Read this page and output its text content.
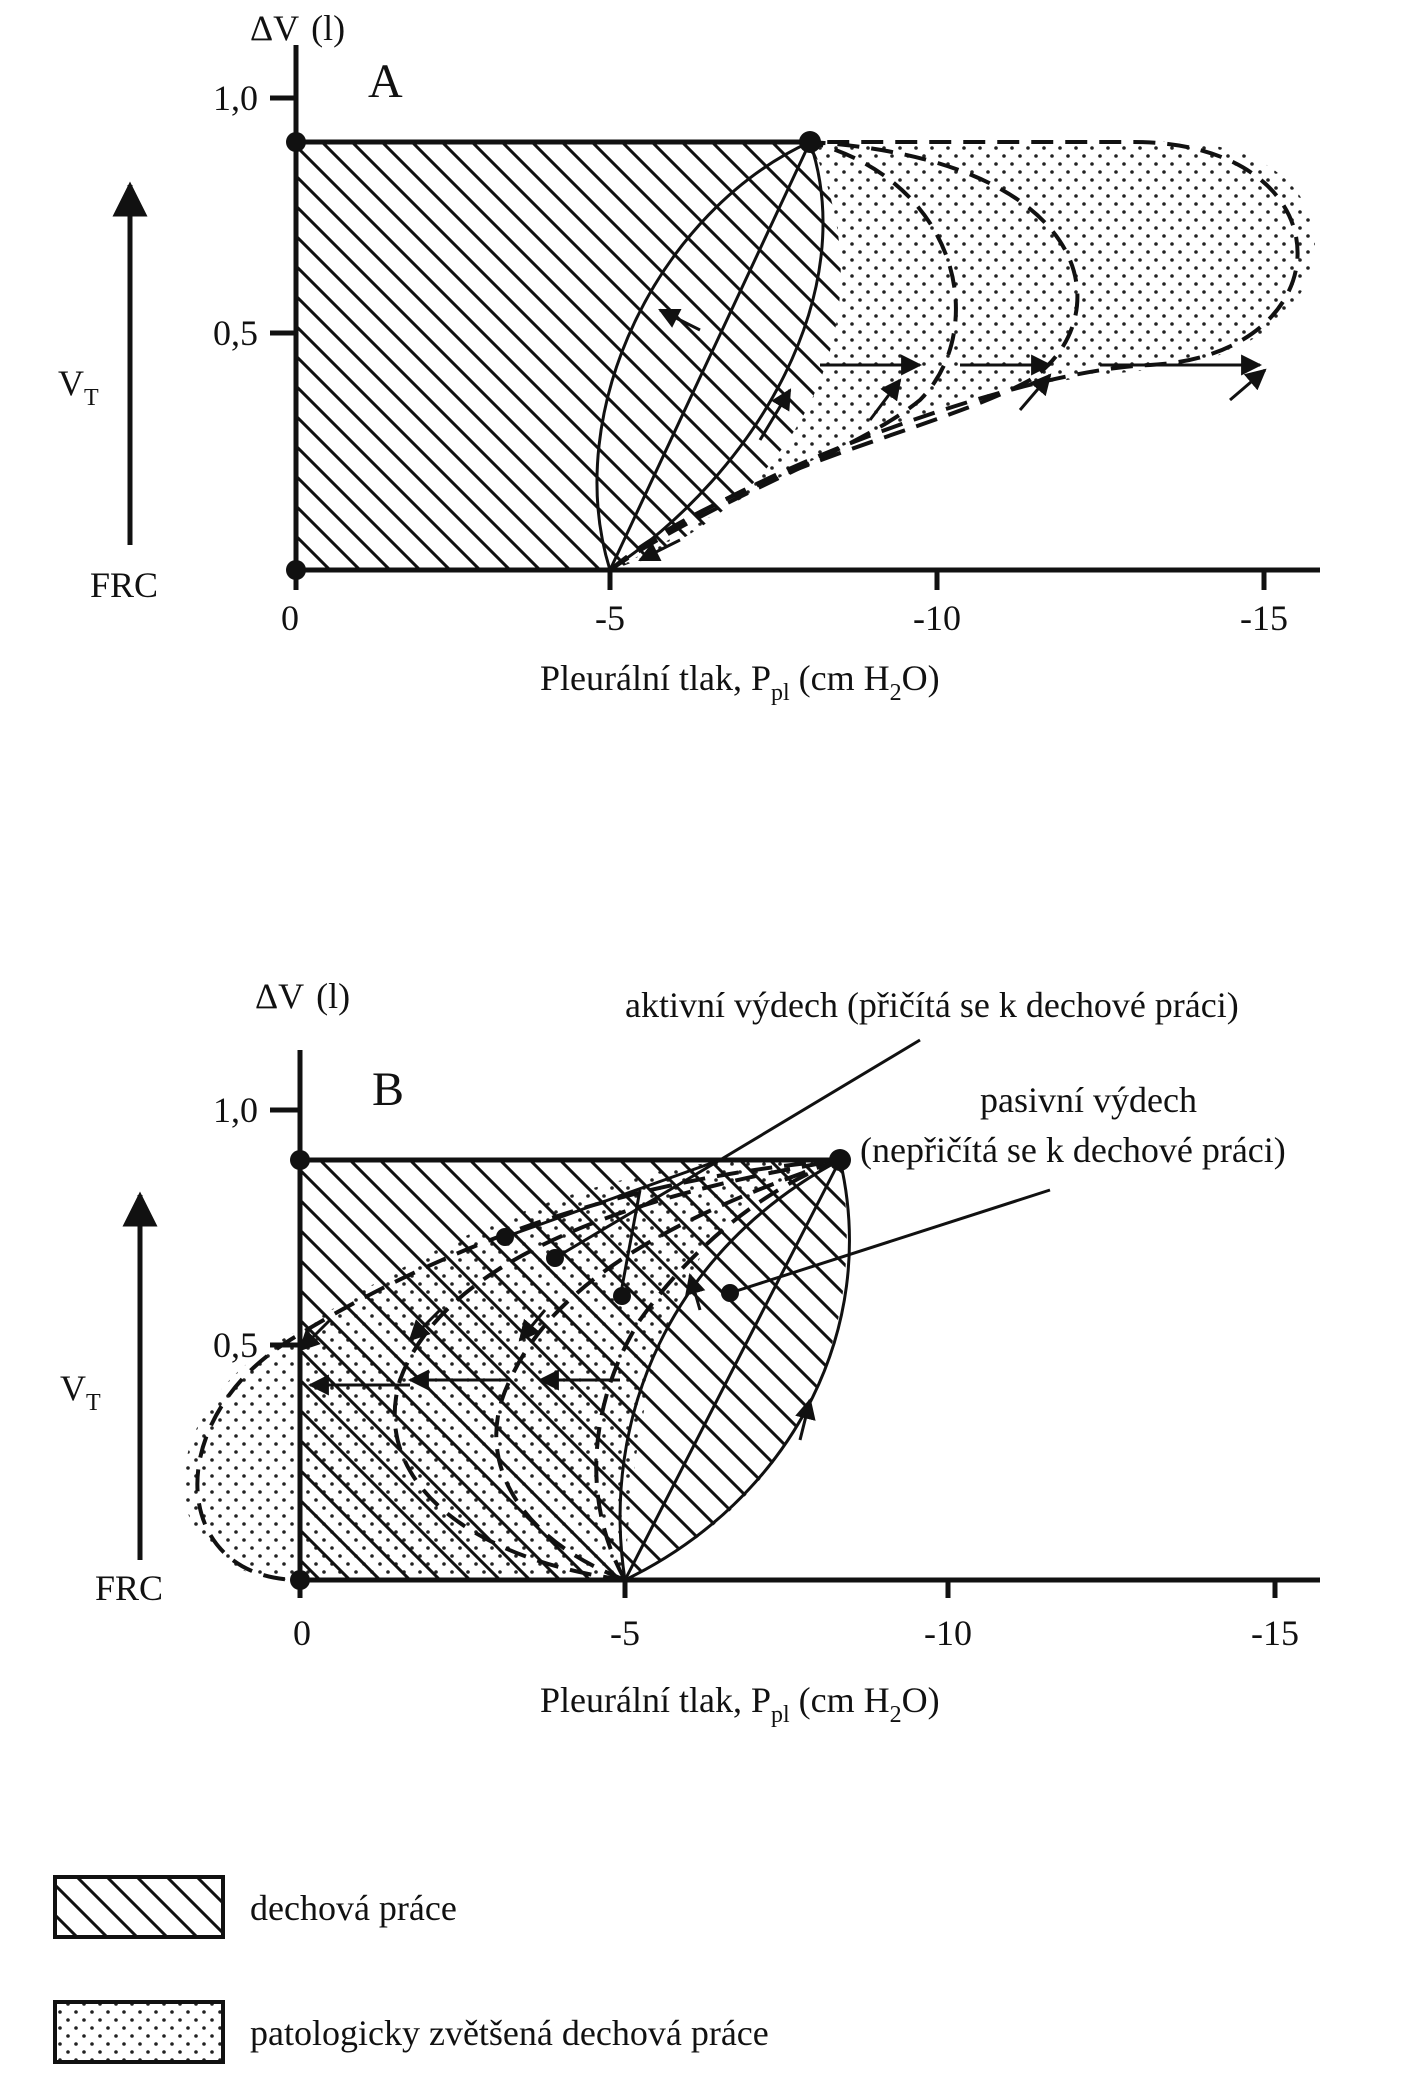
ΔV (l)
1,0
0,5
A
$V_T$
FRC
0	-5	-10	-15
Pleurální tlak, $P_{pl}$ (cm $H_2O$)
ΔV (l)
1,0
0,5
B
$V_T$
FRC
0	-5	-10	-15
Pleurální tlak, $P_{pl}$ (cm $H_2O$)
aktivní výdech (přičítá se k dechové práci)
pasivní výdech
(nepřičítá se k dechové práci)
dechová práce
patologicky zvětšená dechová práce
